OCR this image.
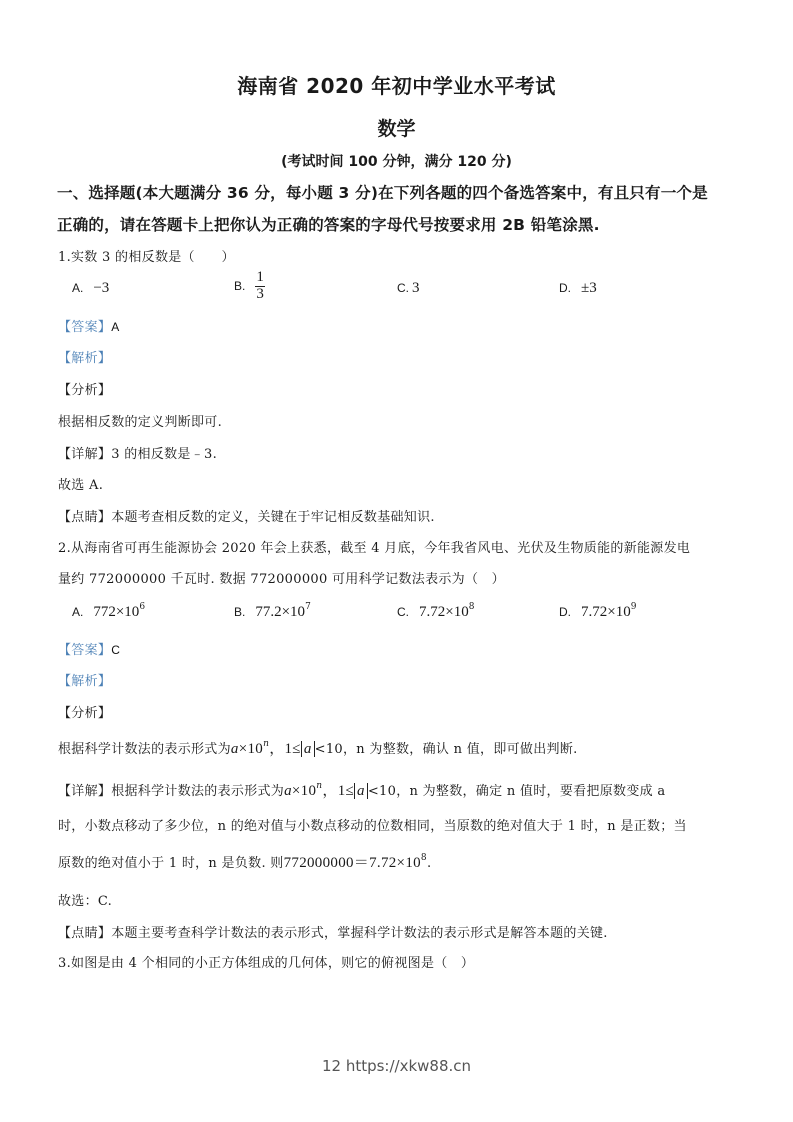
海南省 2020 年初中学业水平考试
数学
(考试时间 100 分钟，满分 120 分)
一、选择题(本大题满分 36 分，每小题 3 分)在下列各题的四个备选答案中，有且只有一个是
正确的，请在答题卡上把你认为正确的答案的字母代号按要求用 2B 铅笔涂黑.
1.实数 3 的相反数是（　　）
A. −3	B. $\frac{1}{3}$	C. 3	D. ±3
【答案】A
【解析】
【分析】
根据相反数的定义判断即可.
【详解】3 的相反数是﹣3.
故选 A.
【点睛】本题考查相反数的定义，关键在于牢记相反数基础知识.
2.从海南省可再生能源协会 2020 年会上获悉，截至 4 月底，今年我省风电、光伏及生物质能的新能源发电
量约 772000000 千瓦时. 数据 772000000 可用科学记数法表示为（　）
A. $772\times 10^6$	B. $77.2\times 10^7$	C. $7.72\times 10^8$	D. $7.72\times 10^9$
【答案】C
【解析】
【分析】
根据科学计数法的表示形式为$a\times 10^n$，1≤ a <10，n 为整数，确认 n 值，即可做出判断.
【详解】根据科学计数法的表示形式为$a\times 10^n$，1≤ a <10，n 为整数，确定 n 值时，要看把原数变成 a
时，小数点移动了多少位，n 的绝对值与小数点移动的位数相同，当原数的绝对值大于 1 时，n 是正数；当
原数的绝对值小于 1 时，n 是负数. 则$772000000=7.72\times 10^8$.
故选：C.
【点睛】本题主要考查科学计数法的表示形式，掌握科学计数法的表示形式是解答本题的关键.
3.如图是由 4 个相同的小正方体组成的几何体，则它的俯视图是（　）
12 https://xkw88.cn
